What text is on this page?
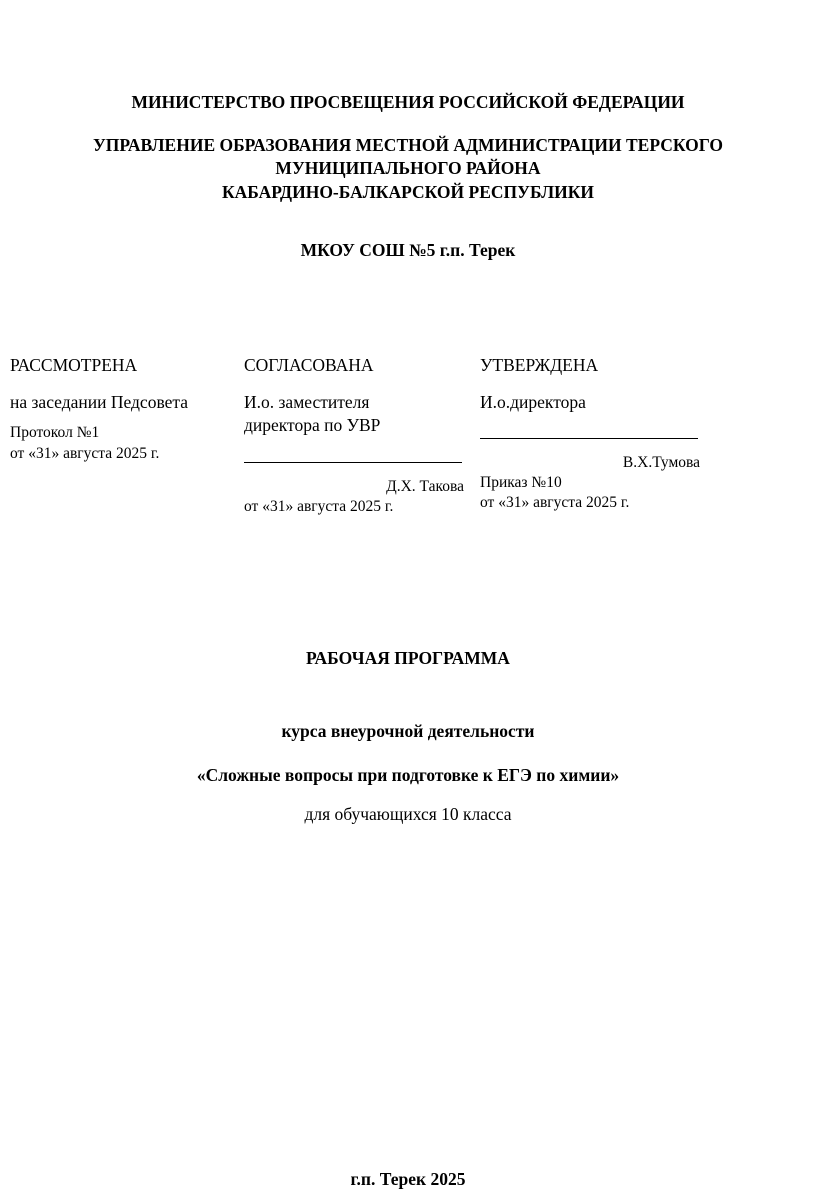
МИНИСТЕРСТВО ПРОСВЕЩЕНИЯ РОССИЙСКОЙ ФЕДЕРАЦИИ

УПРАВЛЕНИЕ ОБРАЗОВАНИЯ МЕСТНОЙ АДМИНИСТРАЦИИ ТЕРСКОГО

МУНИЦИПАЛЬНОГО РАЙОНА

КАБАРДИНО-БАЛКАРСКОЙ РЕСПУБЛИКИ

МКОУ СОШ №5 г.п. Терек

РАССМОТРЕНА
на заседании Педсовета
Протокол №1
от «31» августа 2025 г.
СОГЛАСОВАНА
И.о. заместителя
директора по УВР
Д.Х. Такова
от «31» августа 2025 г.
УТВЕРЖДЕНА
И.о.директора
В.Х.Тумова
Приказ №10
от «31» августа 2025 г.

РАБОЧАЯ ПРОГРАММА

курса внеурочной деятельности

«Сложные вопросы при подготовке к ЕГЭ по химии»

для обучающихся 10 класса

г.п. Терек 2025
